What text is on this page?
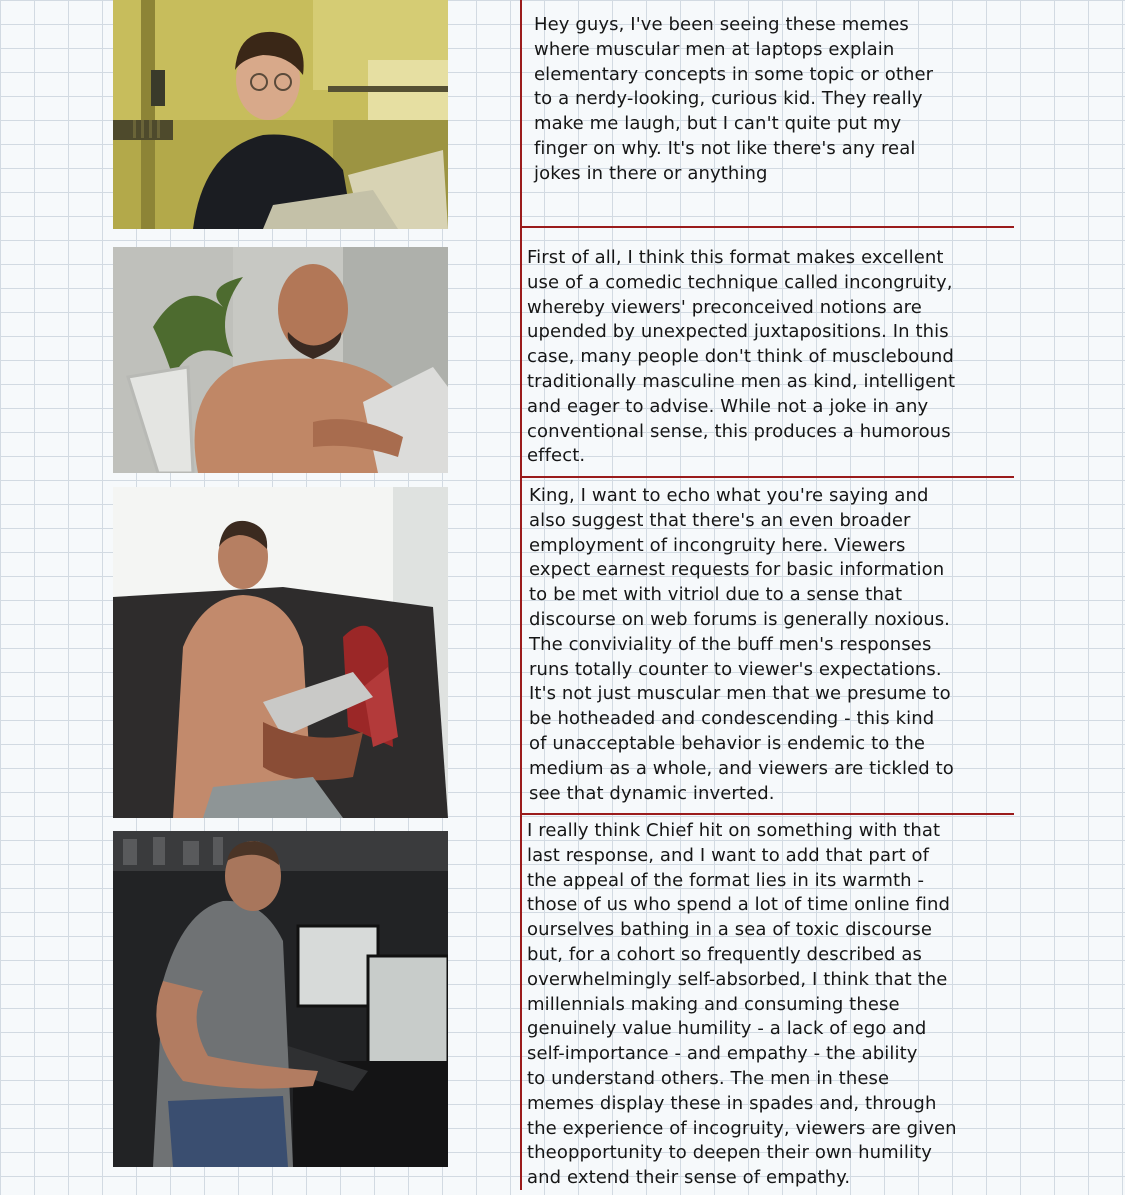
Hey guys, I've been seeing these memes
where muscular men at laptops explain
elementary concepts in some topic or other
to a nerdy-looking, curious kid. They really
make me laugh, but I can't quite put my
finger on why. It's not like there's any real
jokes in there or anything

First of all, I think this format makes excellent
use of a comedic technique called incongruity,
whereby viewers' preconceived notions are
upended by unexpected juxtapositions. In this
case, many people don't think of musclebound
traditionally masculine men as kind, intelligent
and eager to advise. While not a joke in any
conventional sense, this produces a humorous
effect.

King, I want to echo what you're saying and
also suggest that there's an even broader
employment of incongruity here. Viewers
expect earnest requests for basic information
to be met with vitriol due to a sense that
discourse on web forums is generally noxious.
The conviviality of the buff men's responses
runs totally counter to viewer's expectations.
It's not just muscular men that we presume to
be hotheaded and condescending - this kind
of unacceptable behavior is endemic to the
medium as a whole, and viewers are tickled to
see that dynamic inverted.

I really think Chief hit on something with that
last response, and I want to add that part of
the appeal of the format lies in its warmth -
those of us who spend a lot of time online find
ourselves bathing in a sea of toxic discourse
but, for a cohort so frequently described as
overwhelmingly self-absorbed, I think that the
millennials making and consuming these
genuinely value humility - a lack of ego and
self-importance - and empathy - the ability
to understand others. The men in these
memes display these in spades and, through
the experience of incogruity, viewers are given
theopportunity to deepen their own humility
and extend their sense of empathy.
